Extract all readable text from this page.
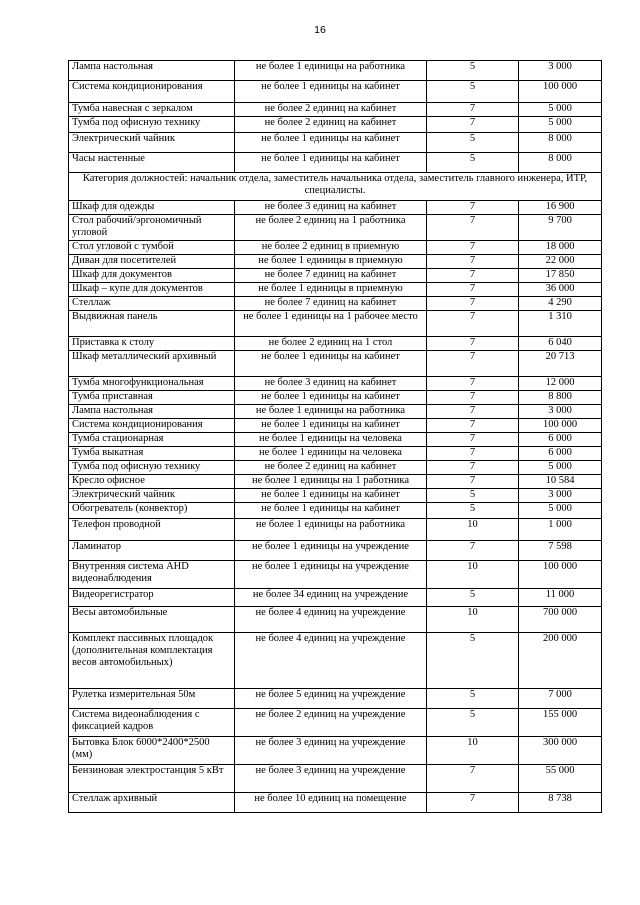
16
Лампа настольная	не более 1 единицы на работника	5	3 000
Система кондиционирования	не более 1 единицы на кабинет	5	100 000
Тумба навесная с зеркалом	не более 2 единиц на кабинет	7	5 000
Тумба под офисную технику	не более 2 единиц на кабинет	7	5 000
Электрический чайник	не более 1 единицы на кабинет	5	8 000
Часы настенные	не более 1 единицы на кабинет	5	8 000
Категория должностей: начальник отдела, заместитель начальника отдела, заместитель главного инженера, ИТР, специалисты.			
Шкаф для одежды	не более 3 единиц на кабинет	7	16 900
Стол рабочий/эргономичный угловой	не более 2 единиц на 1 работника	7	9 700
Стол угловой с тумбой	не более 2 единиц в приемную	7	18 000
Диван для посетителей	не более 1 единицы в приемную	7	22 000
Шкаф для документов	не более 7 единиц на кабинет	7	17 850
Шкаф – купе для документов	не более 1 единицы в приемную	7	36 000
Стеллаж	не более 7 единиц на кабинет	7	4 290
Выдвижная панель	не более 1 единицы на 1 рабочее место	7	1 310
Приставка к столу	не более 2 единиц на 1 стол	7	6 040
Шкаф металлический архивный	не более 1 единицы на кабинет	7	20 713
Тумба многофункциональная	не более 3 единиц на кабинет	7	12 000
Тумба приставная	не более 1 единицы на кабинет	7	8 800
Лампа настольная	не более 1 единицы на работника	7	3 000
Система кондиционирования	не более 1 единицы на кабинет	7	100 000
Тумба стационарная	не более 1 единицы на человека	7	6 000
Тумба выкатная	не более 1 единицы на человека	7	6 000
Тумба под офисную технику	не более 2 единиц на кабинет	7	5 000
Кресло офисное	не более 1 единицы на 1 работника	7	10 584
Электрический чайник	не более 1 единицы на кабинет	5	3 000
Обогреватель (конвектор)	не более 1 единицы на кабинет	5	5 000
Телефон проводной	не более 1 единицы на работника	10	1 000
Ламинатор	не более 1 единицы на учреждение	7	7 598
Внутренняя система AHD видеонаблюдения	не более 1 единицы на учреждение	10	100 000
Видеорегистратор	не более 34 единиц на учреждение	5	11 000
Весы автомобильные	не более 4 единиц на учреждение	10	700 000
Комплект пассивных площадок (дополнительная комплектация весов автомобильных)	не более 4 единиц на учреждение	5	200 000
Рулетка измерительная 50м	не более 5 единиц на учреждение	5	7 000
Система видеонаблюдения с фиксацией кадров	не более 2 единиц на учреждение	5	155 000
Бытовка Блок 6000*2400*2500 (мм)	не более 3 единиц на учреждение	10	300 000
Бензиновая электростанция 5 кВт	не более 3 единиц на учреждение	7	55 000
Стеллаж архивный	не более 10 единиц на помещение	7	8 738
